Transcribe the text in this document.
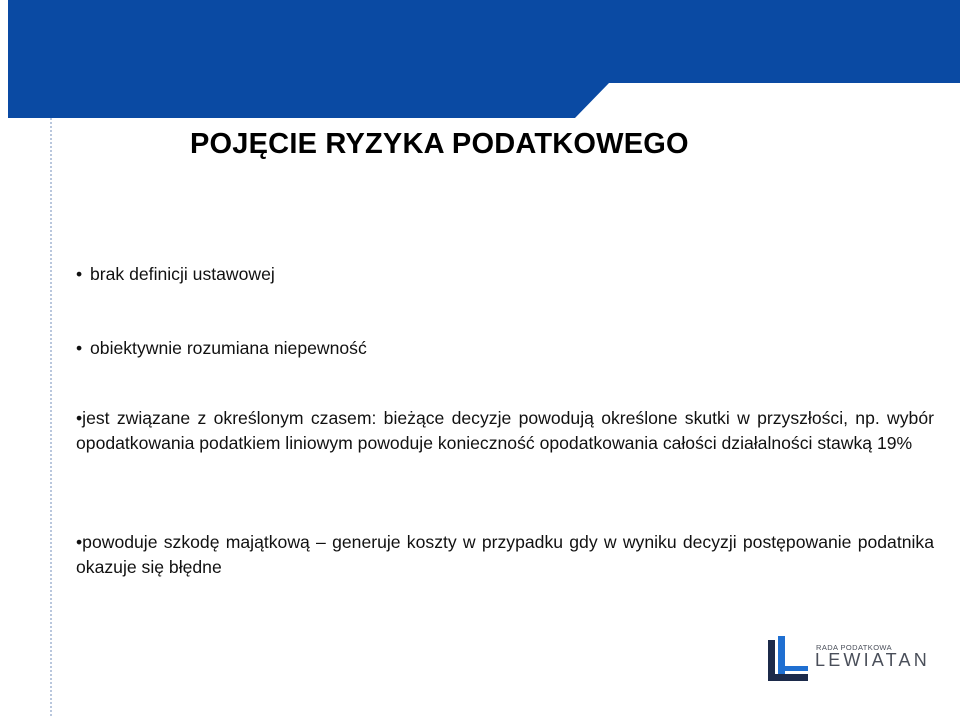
POJĘCIE RYZYKA PODATKOWEGO

• brak definicji ustawowej

• obiektywnie rozumiana niepewność

•jest związane z określonym czasem: bieżące decyzje powodują określone skutki w przyszłości, np. wybór opodatkowania podatkiem liniowym powoduje konieczność opodatkowania całości działalności stawką 19%

•powoduje szkodę majątkową – generuje koszty w przypadku gdy w wyniku decyzji postępowanie podatnika okazuje się błędne

RADA PODATKOWA
LEWIATAN
